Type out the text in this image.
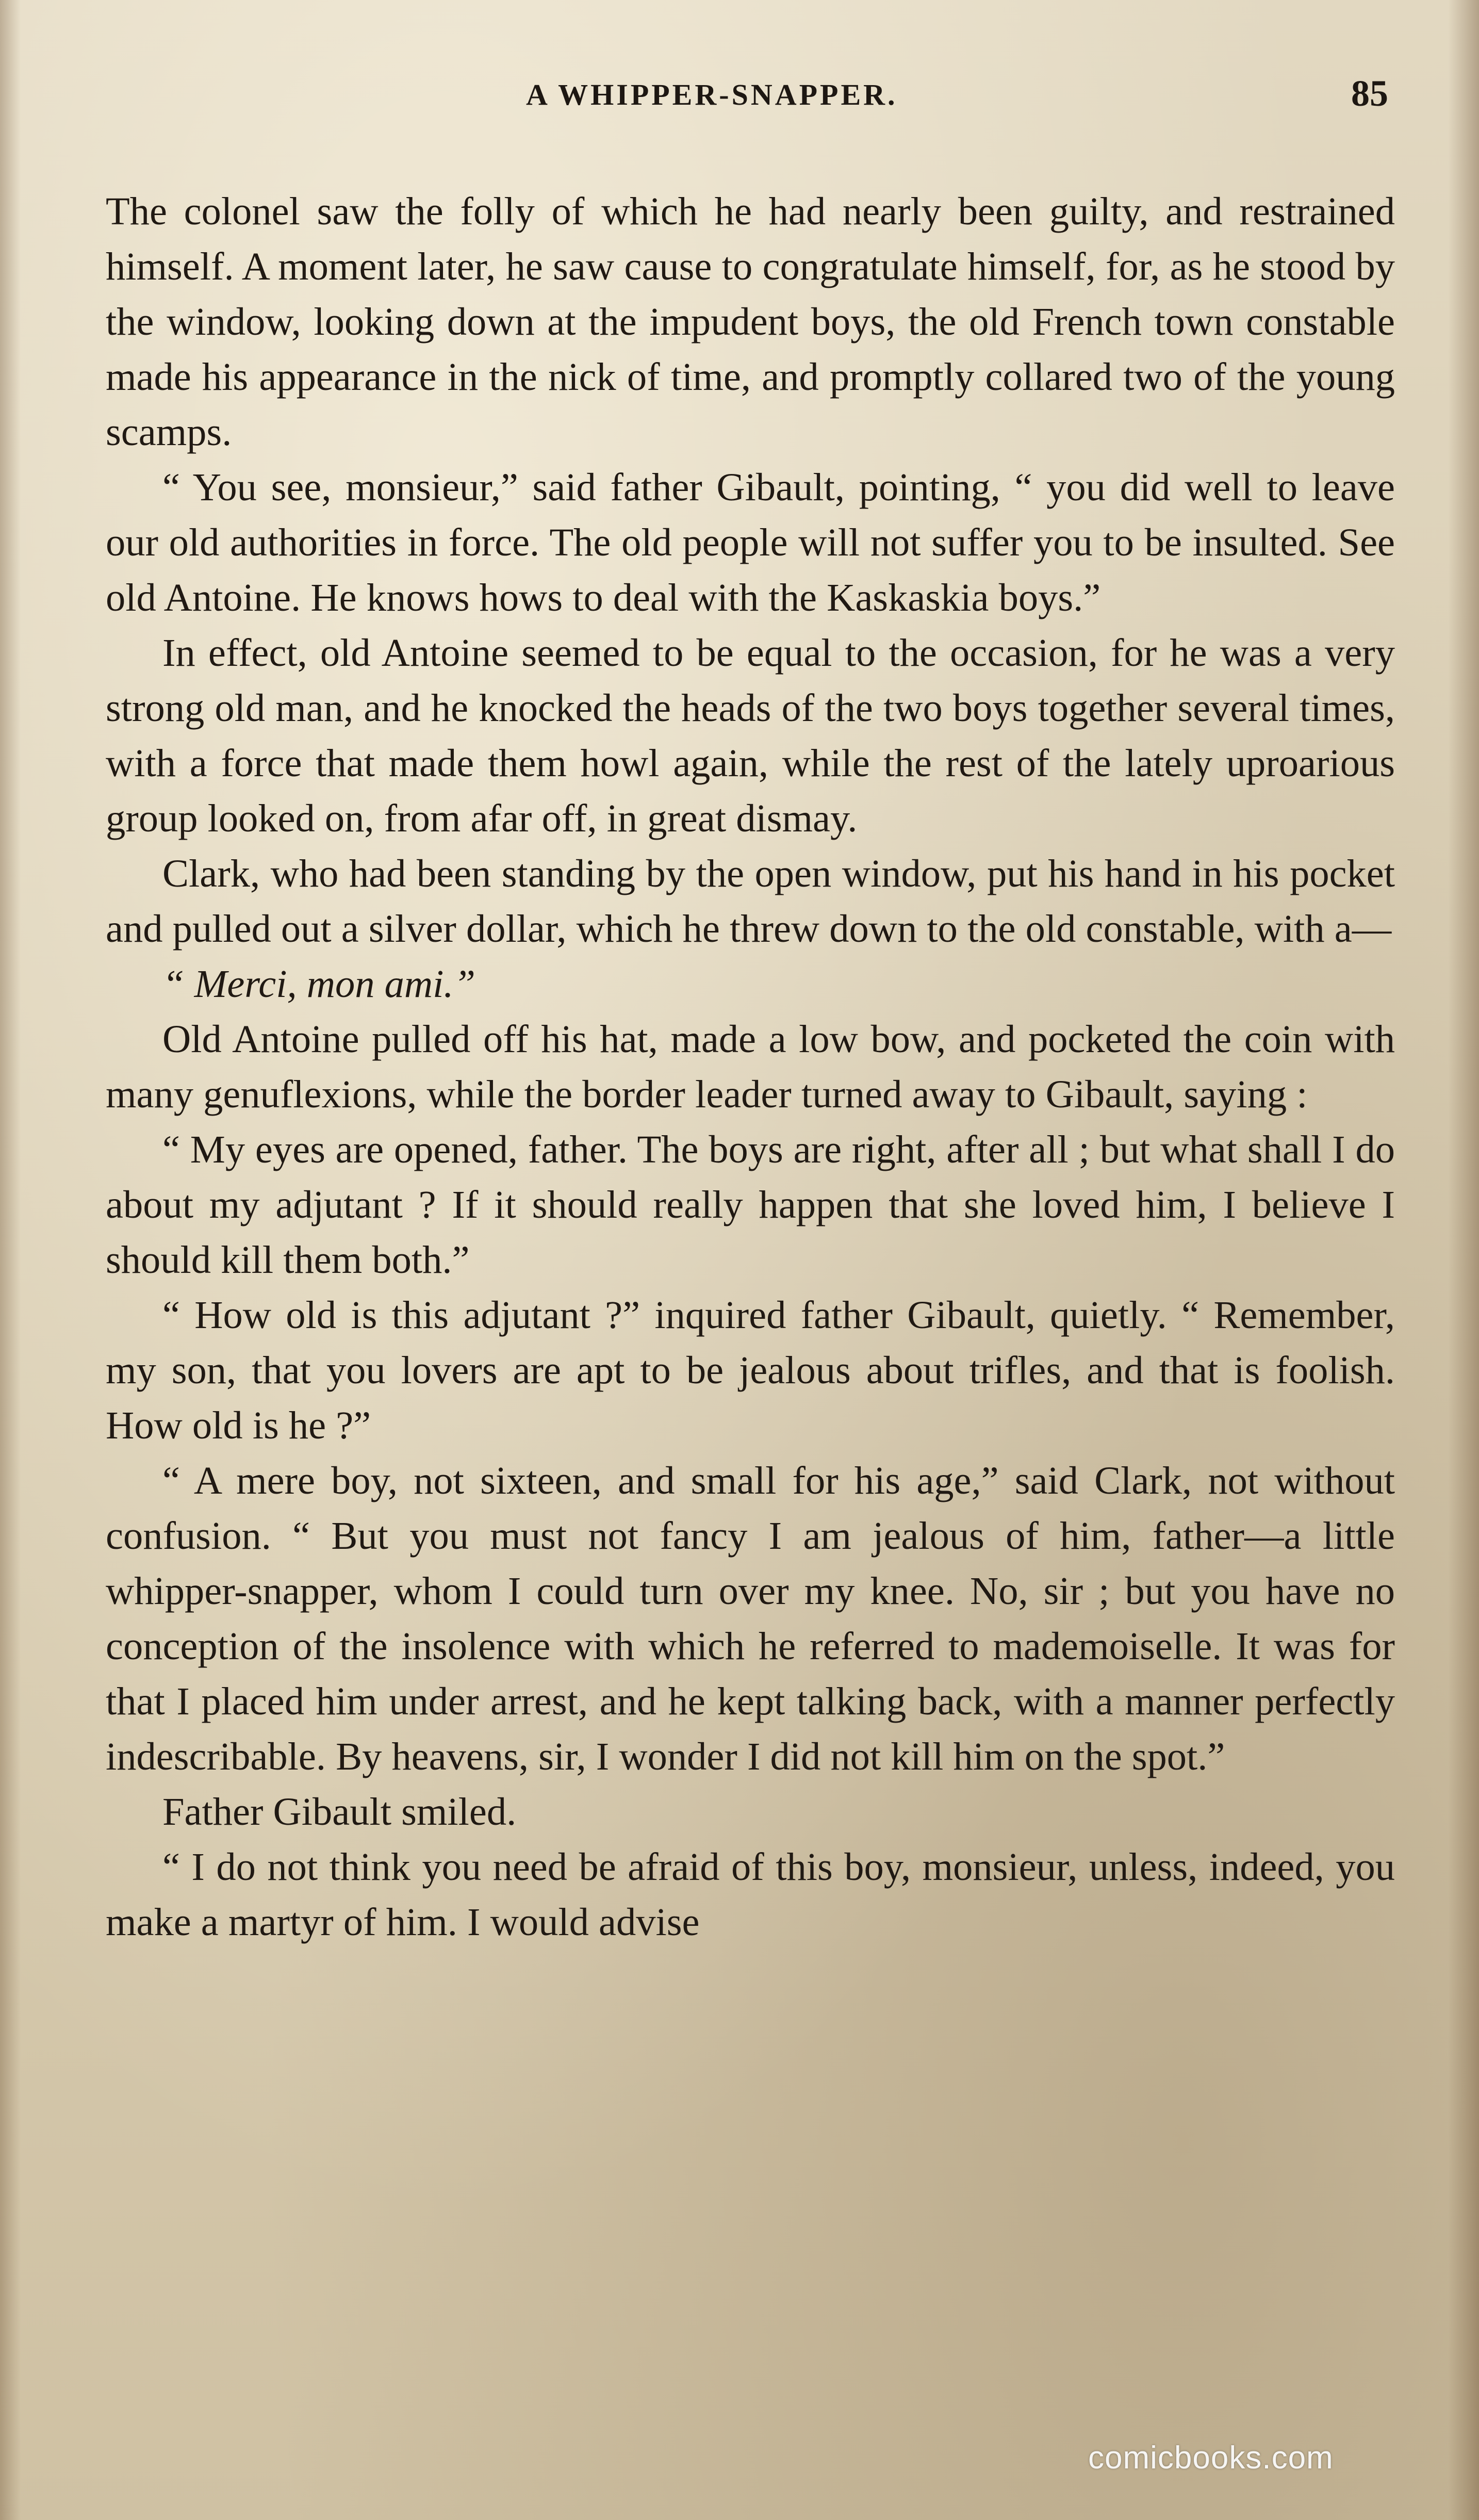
A WHIPPER-SNAPPER.	85

The colonel saw the folly of which he had nearly been guilty, and restrained himself. A moment later, he saw cause to congratulate himself, for, as he stood by the window, looking down at the impudent boys, the old French town constable made his appearance in the nick of time, and promptly collared two of the young scamps.

“ You see, monsieur,” said father Gibault, pointing, “ you did well to leave our old authorities in force. The old people will not suffer you to be insulted. See old Antoine. He knows hows to deal with the Kaskaskia boys.”

In effect, old Antoine seemed to be equal to the occasion, for he was a very strong old man, and he knocked the heads of the two boys together several times, with a force that made them howl again, while the rest of the lately uproarious group looked on, from afar off, in great dismay.

Clark, who had been standing by the open window, put his hand in his pocket and pulled out a silver dollar, which he threw down to the old constable, with a—

“ Merci, mon ami.”

Old Antoine pulled off his hat, made a low bow, and pocketed the coin with many genuflexions, while the border leader turned away to Gibault, saying :

“ My eyes are opened, father. The boys are right, after all ; but what shall I do about my adjutant ? If it should really happen that she loved him, I believe I should kill them both.”

“ How old is this adjutant ?” inquired father Gibault, quietly. “ Remember, my son, that you lovers are apt to be jealous about trifles, and that is foolish. How old is he ?”

“ A mere boy, not sixteen, and small for his age,” said Clark, not without confusion. “ But you must not fancy I am jealous of him, father—a little whipper-snapper, whom I could turn over my knee. No, sir ; but you have no conception of the insolence with which he referred to mademoiselle. It was for that I placed him under arrest, and he kept talking back, with a manner perfectly indescribable. By heavens, sir, I wonder I did not kill him on the spot.”

Father Gibault smiled.

“ I do not think you need be afraid of this boy, monsieur, unless, indeed, you make a martyr of him. I would advise

comicbooks.com
